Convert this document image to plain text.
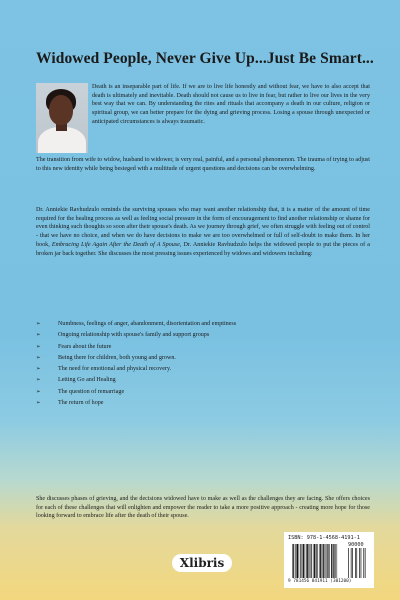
Widowed People, Never Give Up...Just Be Smart...
Death is an inseparable part of life. If we are to live life honestly and without fear, we have to also accept that death is ultimately and inevitable. Death should not cause us to live in fear, but rather to live our lives in the very best way that we can. By understanding the rites and rituals that accompany a death in our culture, religion or spiritual group, we can better prepare for the dying and grieving process. Losing a spouse through unexpected or anticipated circumstances is always traumatic.
The transition from wife to widow, husband to widower, is very real, painful, and a personal phenomenon. The trauma of trying to adjust to this new identity while being besieged with a multitude of urgent questions and decisions can be overwhelming.
Dr. Anniekie Ravhudzulo reminds the surviving spouses who may want another relationship that, it is a matter of the amount of time required for the healing process as well as feeling social pressure in the form of encouragement to find another relationship or shame for even thinking such thoughts so soon after their spouse's death. As we journey through grief, we often struggle with feeling out of control - that we have no choice, and when we do have decisions to make we are too overwhelmed or full of self-doubt to make them. In her book, Embracing Life Again After the Death of A Spouse, Dr. Anniekie Ravhudzulo helps the widowed people to put the pieces of a broken jar back together. She discusses the most pressing issues experienced by widows and widowers including:
➢	Numbness, feelings of anger, abandonment, disorientation and emptiness
➢	Ongoing relationship with spouse's family and support groups
➢	Fears about the future
➢	Being there for children, both young and grown.
➢	The need for emotional and physical recovery.
➢	Letting Go and Healing
➢	The question of remarriage
➢	The return of hope
She discusses phases of grieving, and the decisions widowed have to make as well as the challenges they are facing. She offers choices for each of these challenges that will enlighten and empower the reader to take a more positive approach - creating more hope for those looking forward to embrace life after the death of their spouse.
Xlibris
ISBN: 978-1-4568-4191-1
90000
9 781456 841911 (301200)
